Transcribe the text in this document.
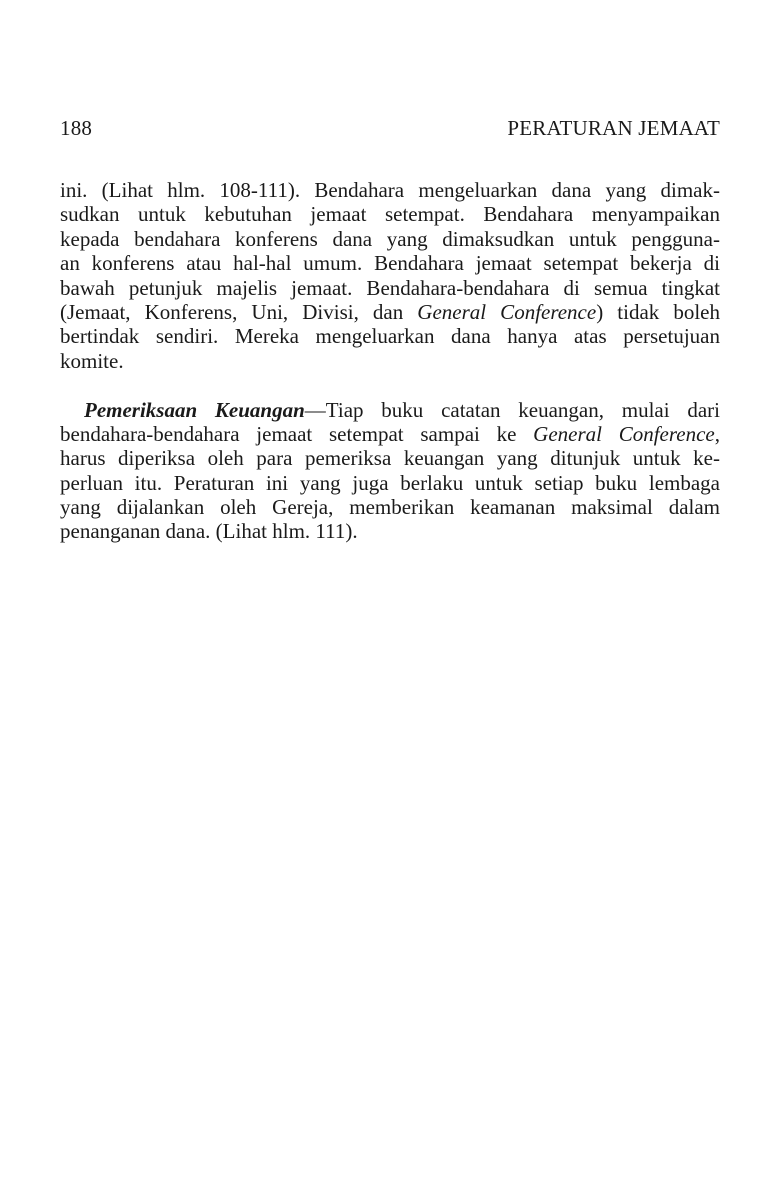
188	PERATURAN JEMAAT
ini. (Lihat hlm. 108-111). Bendahara mengeluarkan dana yang dimak-
sudkan untuk kebutuhan jemaat setempat. Bendahara menyampaikan
kepada bendahara konferens dana yang dimaksudkan untuk pengguna-
an konferens atau hal-hal umum. Bendahara jemaat setempat bekerja di
bawah petunjuk majelis jemaat. Bendahara-bendahara di semua tingkat
(Jemaat, Konferens, Uni, Divisi, dan General Conference) tidak boleh
bertindak sendiri. Mereka mengeluarkan dana hanya atas persetujuan
komite.
Pemeriksaan Keuangan—Tiap buku catatan keuangan, mulai dari
bendahara-bendahara jemaat setempat sampai ke General Conference,
harus diperiksa oleh para pemeriksa keuangan yang ditunjuk untuk ke-
perluan itu. Peraturan ini yang juga berlaku untuk setiap buku lembaga
yang dijalankan oleh Gereja, memberikan keamanan maksimal dalam
penanganan dana. (Lihat hlm. 111).
